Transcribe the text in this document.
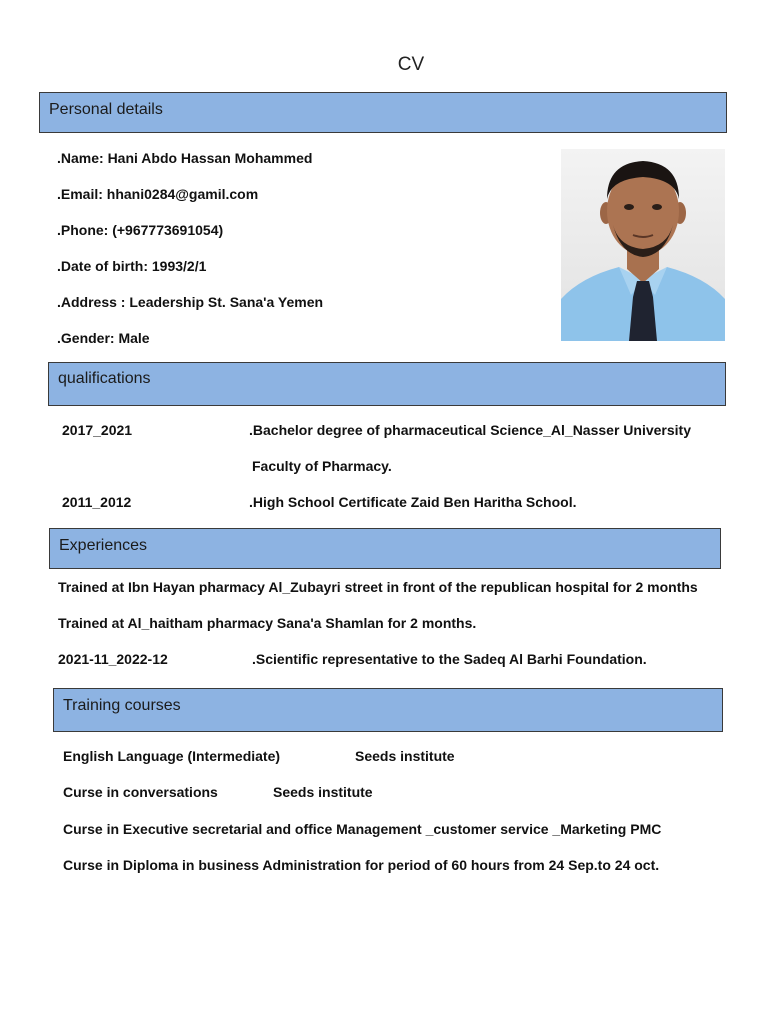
CV
Personal details
.Name: Hani Abdo Hassan Mohammed
.Email: hhani0284@gamil.com
.Phone: (+967773691054)
.Date of birth: 1993/2/1
.Address : Leadership St. Sana'a Yemen
.Gender: Male
qualifications
2017_2021	.Bachelor degree of pharmaceutical Science_Al_Nasser University
Faculty of Pharmacy.
2011_2012	.High School Certificate Zaid Ben Haritha School.
Experiences
Trained at Ibn Hayan pharmacy Al_Zubayri street in front of the republican hospital for 2 months
Trained at Al_haitham pharmacy Sana'a Shamlan for 2 months.
2021-11_2022-12	.Scientific representative to the Sadeq Al Barhi Foundation.
Training courses
English Language (Intermediate)	Seeds institute
Curse in conversations	Seeds institute
Curse in Executive secretarial and office Management _customer service _Marketing PMC
Curse in Diploma in business Administration for period of 60 hours from 24 Sep.to 24 oct.
